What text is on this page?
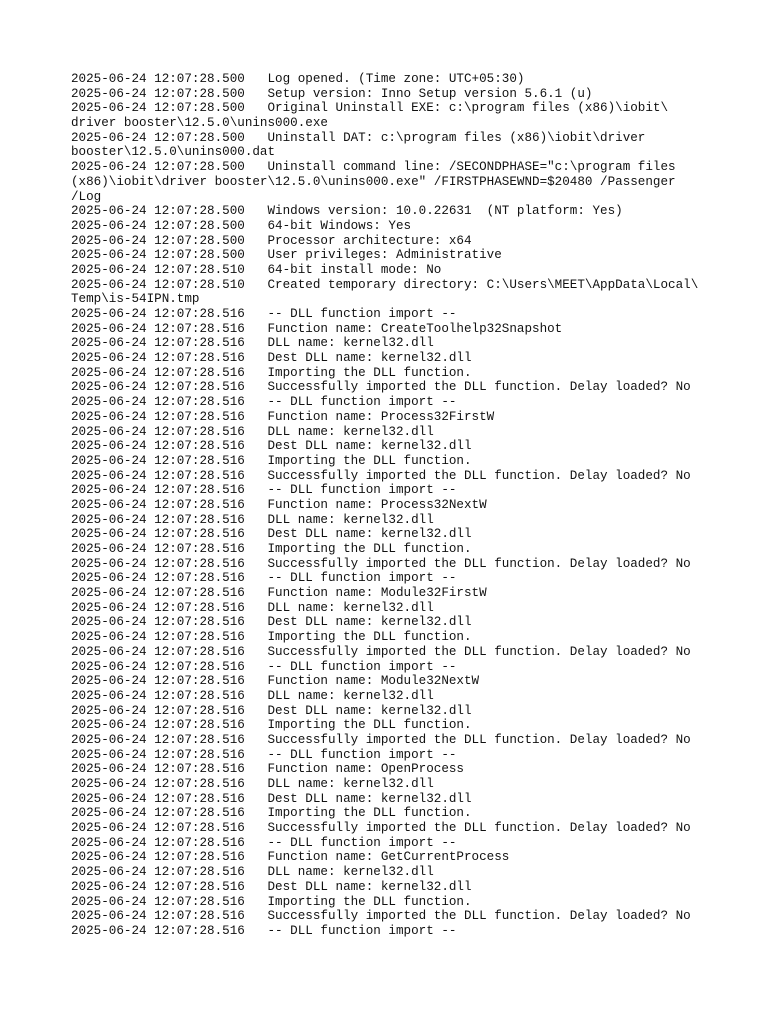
2025-06-24 12:07:28.500   Log opened. (Time zone: UTC+05:30)
2025-06-24 12:07:28.500   Setup version: Inno Setup version 5.6.1 (u)
2025-06-24 12:07:28.500   Original Uninstall EXE: c:\program files (x86)\iobit\
driver booster\12.5.0\unins000.exe
2025-06-24 12:07:28.500   Uninstall DAT: c:\program files (x86)\iobit\driver
booster\12.5.0\unins000.dat
2025-06-24 12:07:28.500   Uninstall command line: /SECONDPHASE="c:\program files
(x86)\iobit\driver booster\12.5.0\unins000.exe" /FIRSTPHASEWND=$20480 /Passenger
/Log
2025-06-24 12:07:28.500   Windows version: 10.0.22631  (NT platform: Yes)
2025-06-24 12:07:28.500   64-bit Windows: Yes
2025-06-24 12:07:28.500   Processor architecture: x64
2025-06-24 12:07:28.500   User privileges: Administrative
2025-06-24 12:07:28.510   64-bit install mode: No
2025-06-24 12:07:28.510   Created temporary directory: C:\Users\MEET\AppData\Local\
Temp\is-54IPN.tmp
2025-06-24 12:07:28.516   -- DLL function import --
2025-06-24 12:07:28.516   Function name: CreateToolhelp32Snapshot
2025-06-24 12:07:28.516   DLL name: kernel32.dll
2025-06-24 12:07:28.516   Dest DLL name: kernel32.dll
2025-06-24 12:07:28.516   Importing the DLL function.
2025-06-24 12:07:28.516   Successfully imported the DLL function. Delay loaded? No
2025-06-24 12:07:28.516   -- DLL function import --
2025-06-24 12:07:28.516   Function name: Process32FirstW
2025-06-24 12:07:28.516   DLL name: kernel32.dll
2025-06-24 12:07:28.516   Dest DLL name: kernel32.dll
2025-06-24 12:07:28.516   Importing the DLL function.
2025-06-24 12:07:28.516   Successfully imported the DLL function. Delay loaded? No
2025-06-24 12:07:28.516   -- DLL function import --
2025-06-24 12:07:28.516   Function name: Process32NextW
2025-06-24 12:07:28.516   DLL name: kernel32.dll
2025-06-24 12:07:28.516   Dest DLL name: kernel32.dll
2025-06-24 12:07:28.516   Importing the DLL function.
2025-06-24 12:07:28.516   Successfully imported the DLL function. Delay loaded? No
2025-06-24 12:07:28.516   -- DLL function import --
2025-06-24 12:07:28.516   Function name: Module32FirstW
2025-06-24 12:07:28.516   DLL name: kernel32.dll
2025-06-24 12:07:28.516   Dest DLL name: kernel32.dll
2025-06-24 12:07:28.516   Importing the DLL function.
2025-06-24 12:07:28.516   Successfully imported the DLL function. Delay loaded? No
2025-06-24 12:07:28.516   -- DLL function import --
2025-06-24 12:07:28.516   Function name: Module32NextW
2025-06-24 12:07:28.516   DLL name: kernel32.dll
2025-06-24 12:07:28.516   Dest DLL name: kernel32.dll
2025-06-24 12:07:28.516   Importing the DLL function.
2025-06-24 12:07:28.516   Successfully imported the DLL function. Delay loaded? No
2025-06-24 12:07:28.516   -- DLL function import --
2025-06-24 12:07:28.516   Function name: OpenProcess
2025-06-24 12:07:28.516   DLL name: kernel32.dll
2025-06-24 12:07:28.516   Dest DLL name: kernel32.dll
2025-06-24 12:07:28.516   Importing the DLL function.
2025-06-24 12:07:28.516   Successfully imported the DLL function. Delay loaded? No
2025-06-24 12:07:28.516   -- DLL function import --
2025-06-24 12:07:28.516   Function name: GetCurrentProcess
2025-06-24 12:07:28.516   DLL name: kernel32.dll
2025-06-24 12:07:28.516   Dest DLL name: kernel32.dll
2025-06-24 12:07:28.516   Importing the DLL function.
2025-06-24 12:07:28.516   Successfully imported the DLL function. Delay loaded? No
2025-06-24 12:07:28.516   -- DLL function import --
